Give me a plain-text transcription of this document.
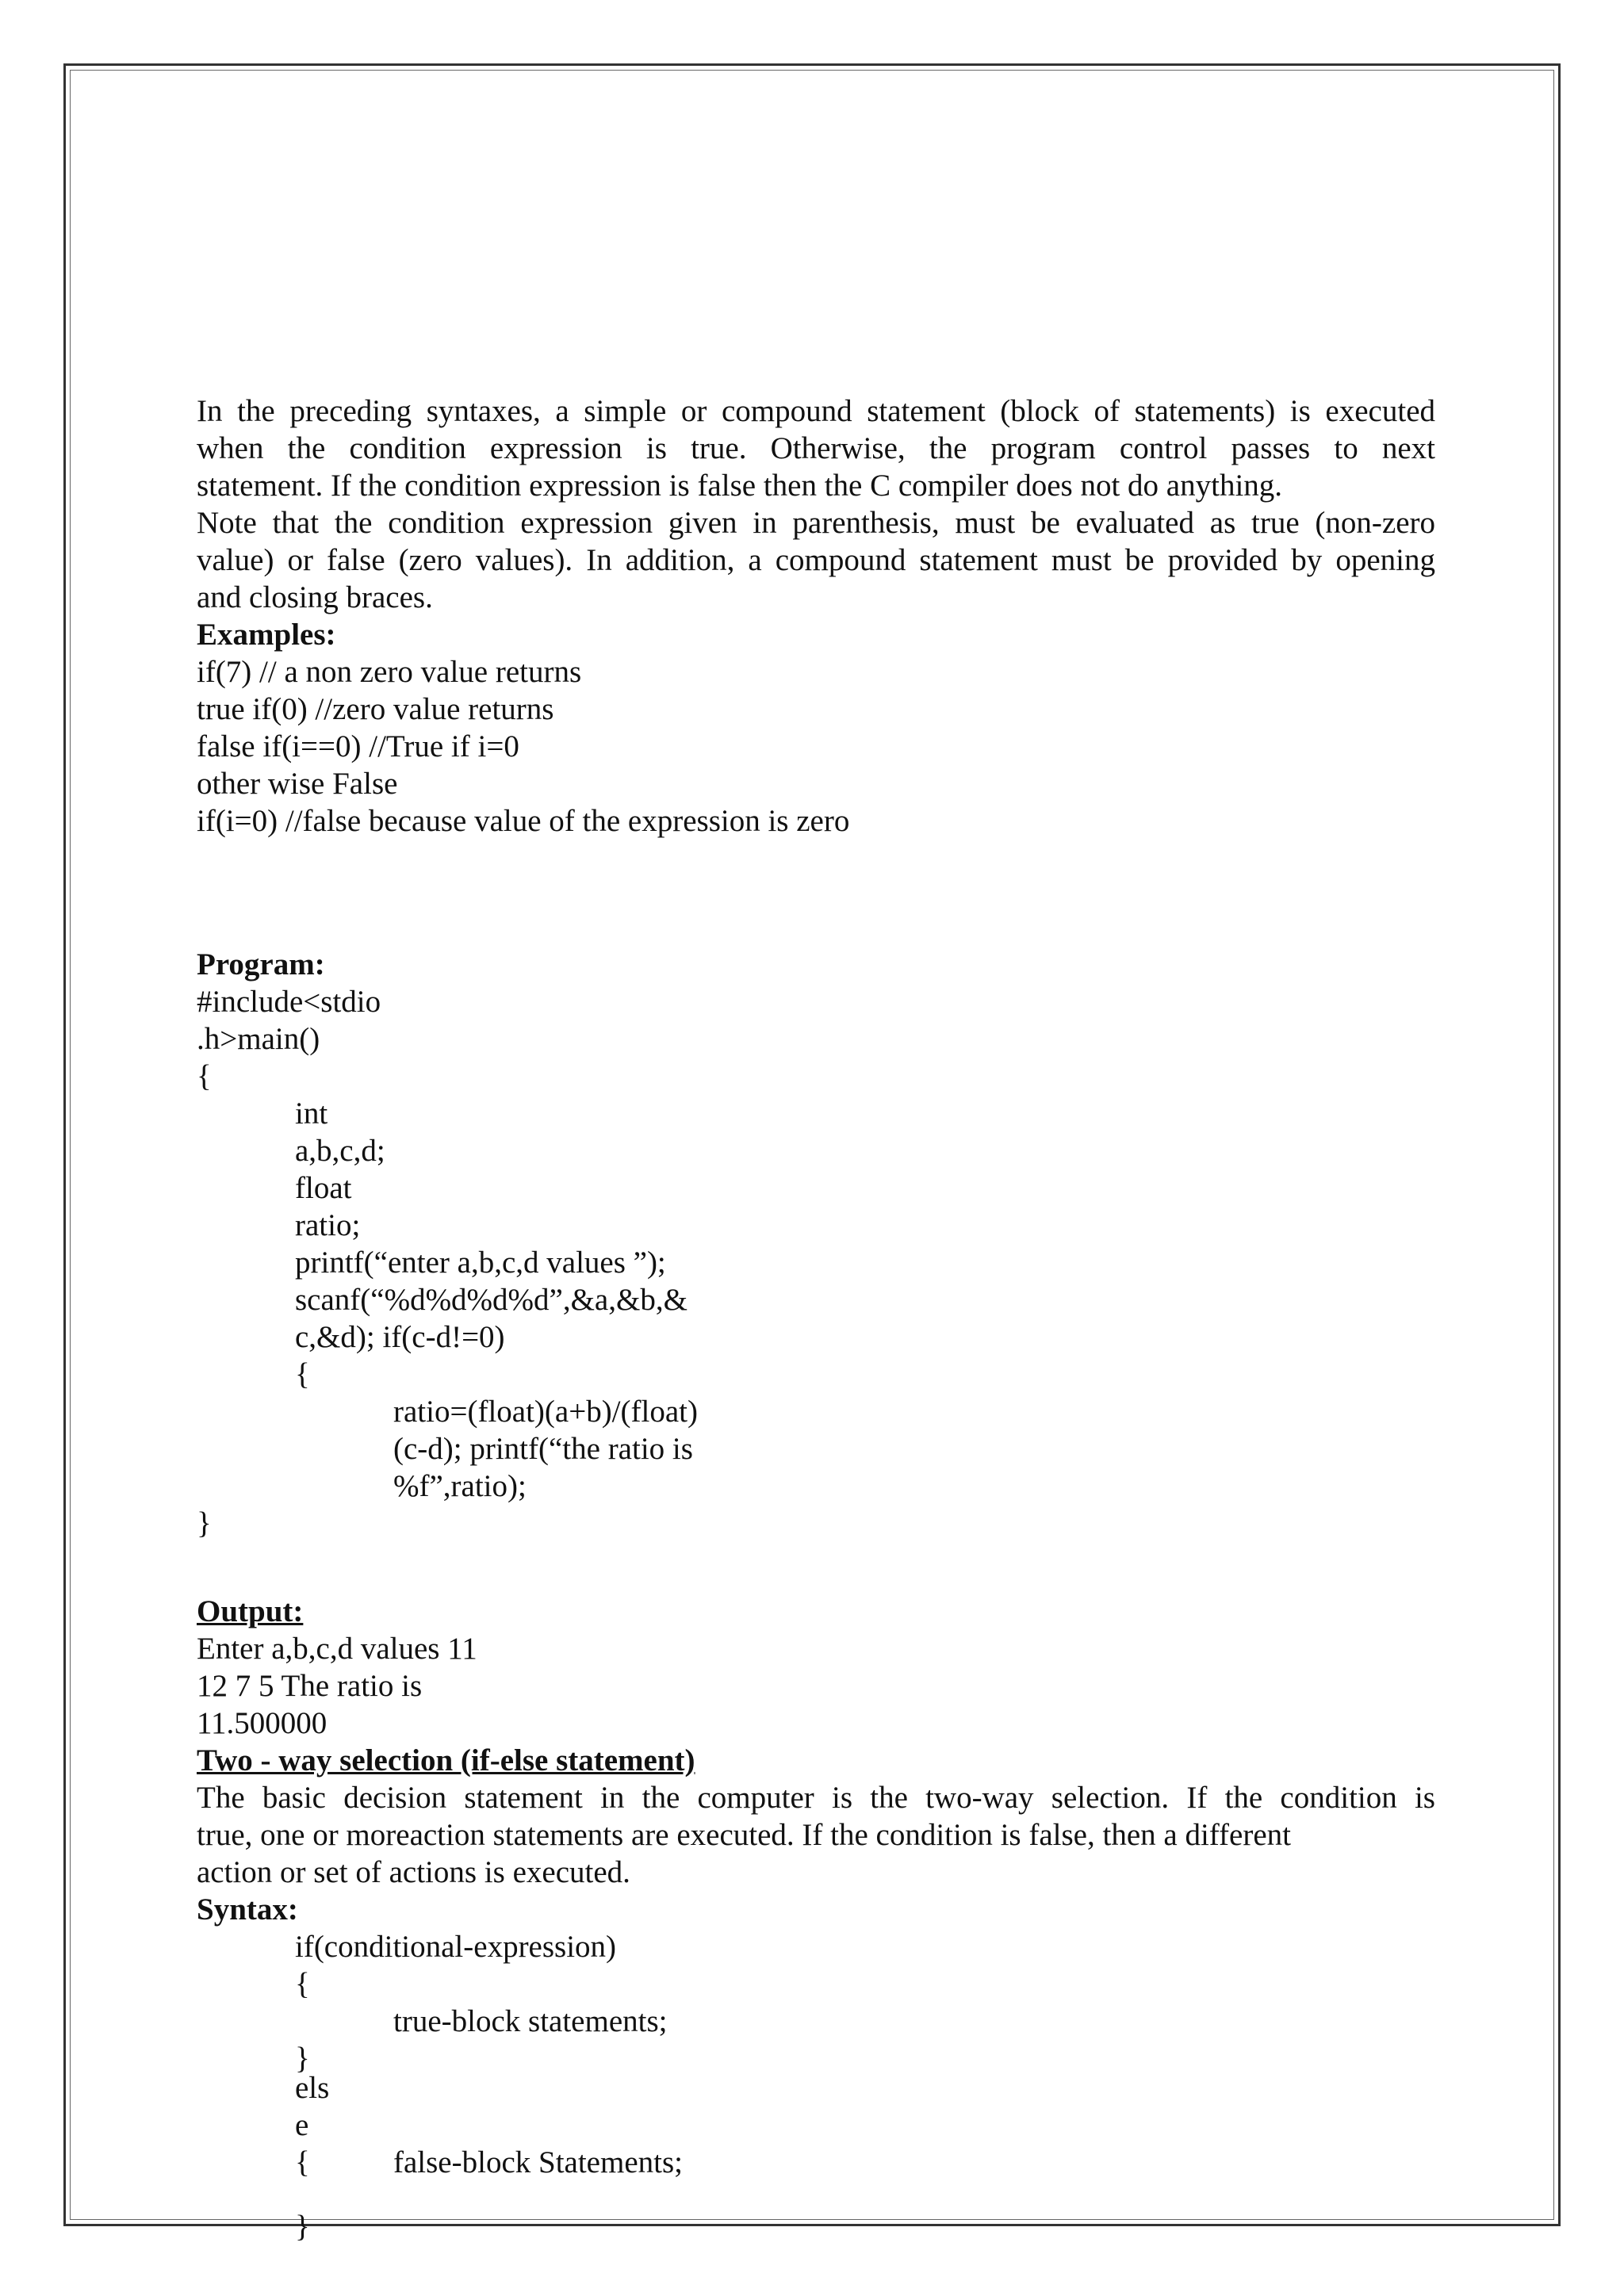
In the preceding syntaxes, a simple or compound statement (block of statements) is executed
when the condition expression is true. Otherwise, the program control passes to next
statement. If the condition expression is false then the C compiler does not do anything.
Note that the condition expression given in parenthesis, must be evaluated as true (non-zero
value) or false (zero values). In addition, a compound statement must be provided by opening
and closing braces.
Examples:
if(7) // a non zero value returns
true if(0) //zero value returns
false if(i==0) //True if i=0
other wise False
if(i=0) //false because value of the expression is zero
Program:
#include<stdio
.h>main()
{
int
a,b,c,d;
float
ratio;
printf(“enter a,b,c,d values ”);
scanf(“%d%d%d%d”,&a,&b,&
c,&d); if(c-d!=0)
{
ratio=(float)(a+b)/(float)
(c-d); printf(“the ratio is
%f”,ratio);
}
Output:
Enter a,b,c,d values 11
12 7 5 The ratio is
11.500000
Two - way selection (if-else statement)
The basic decision statement in the computer is the two-way selection. If the condition is
true, one or moreaction statements are executed. If the condition is false, then a different
action or set of actions is executed.
Syntax:
if(conditional-expression)
{
true-block statements;
}
els
e
{	false-block Statements;
}
